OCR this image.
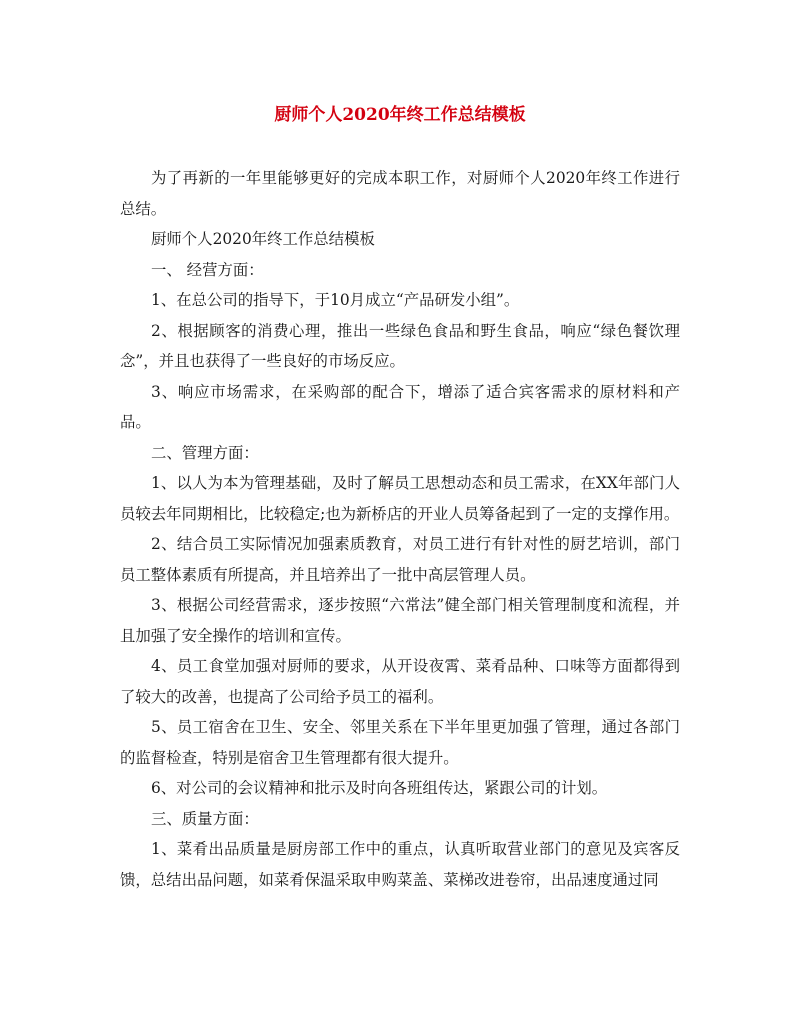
厨师个人2020年终工作总结模板

为了再新的一年里能够更好的完成本职工作，对厨师个人2020年终工作进行总结。

厨师个人2020年终工作总结模板

一、 经营方面：

1、在总公司的指导下，于10月成立“产品研发小组”。

2、根据顾客的消费心理，推出一些绿色食品和野生食品，响应“绿色餐饮理念”，并且也获得了一些良好的市场反应。

3、响应市场需求，在采购部的配合下，增添了适合宾客需求的原材料和产品。

二、管理方面：

1、以人为本为管理基础，及时了解员工思想动态和员工需求，在XX年部门人员较去年同期相比，比较稳定;也为新桥店的开业人员筹备起到了一定的支撑作用。

2、结合员工实际情况加强素质教育，对员工进行有针对性的厨艺培训，部门员工整体素质有所提高，并且培养出了一批中高层管理人员。

3、根据公司经营需求，逐步按照“六常法”健全部门相关管理制度和流程，并且加强了安全操作的培训和宣传。

4、员工食堂加强对厨师的要求，从开设夜霄、菜肴品种、口味等方面都得到了较大的改善，也提高了公司给予员工的福利。

5、员工宿舍在卫生、安全、邻里关系在下半年里更加强了管理，通过各部门的监督检查，特别是宿舍卫生管理都有很大提升。

6、对公司的会议精神和批示及时向各班组传达，紧跟公司的计划。

三、质量方面：

1、菜肴出品质量是厨房部工作中的重点，认真听取营业部门的意见及宾客反馈，总结出品问题，如菜肴保温采取申购菜盖、菜梯改进卷帘，出品速度通过同
